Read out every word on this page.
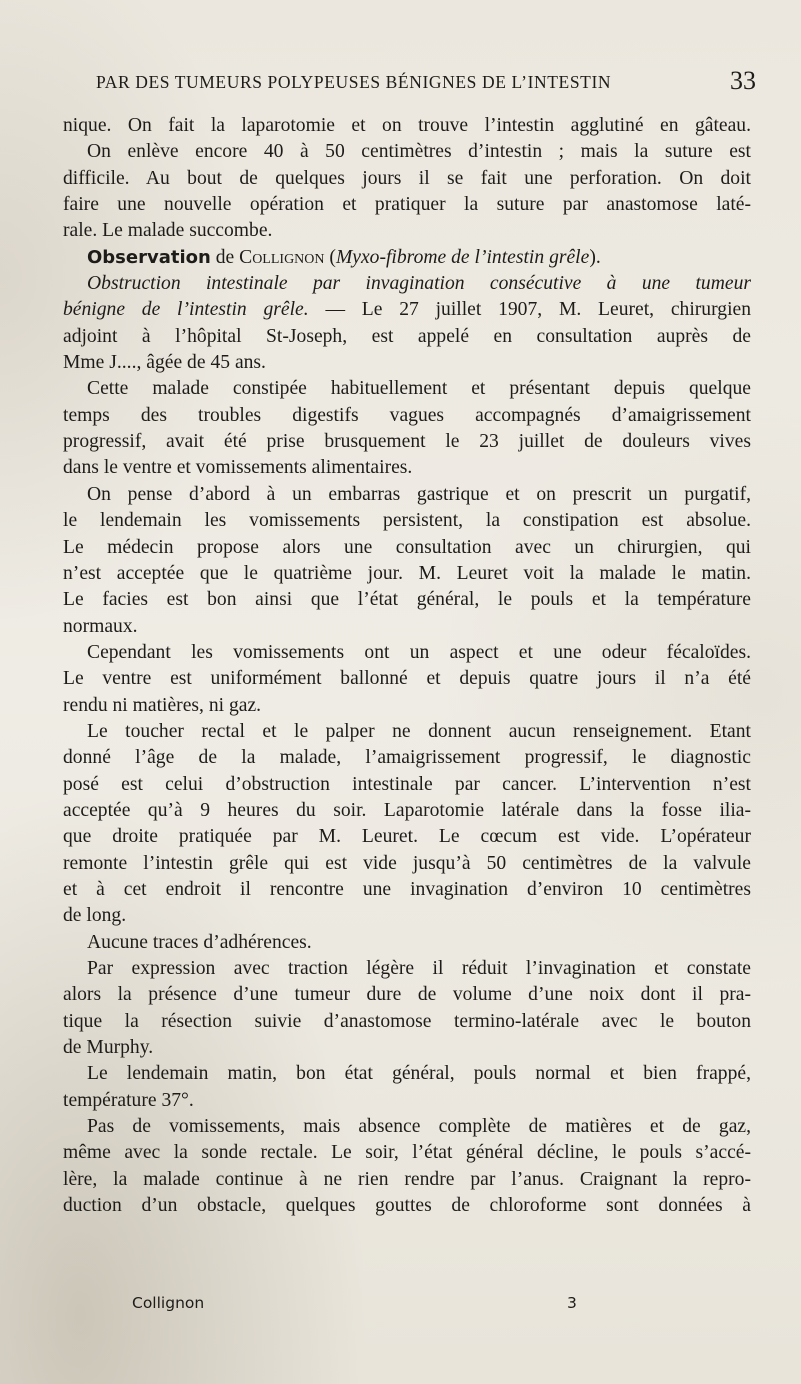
PAR DES TUMEURS POLYPEUSES BÉNIGNES DE L’INTESTIN	33
nique. On fait la laparotomie et on trouve l’intestin agglutiné en gâteau.
On enlève encore 40 à 50 centimètres d’intestin ; mais la suture est
difficile. Au bout de quelques jours il se fait une perforation. On doit
faire une nouvelle opération et pratiquer la suture par anastomose laté-
rale. Le malade succombe.
Observation de Collignon (Myxo-fibrome de l’intestin grêle).
Obstruction intestinale par invagination consécutive à une tumeur
bénigne de l’intestin grêle. — Le 27 juillet 1907, M. Leuret, chirurgien
adjoint à l’hôpital St-Joseph, est appelé en consultation auprès de
Mme J...., âgée de 45 ans.
Cette malade constipée habituellement et présentant depuis quelque
temps des troubles digestifs vagues accompagnés d’amaigrissement
progressif, avait été prise brusquement le 23 juillet de douleurs vives
dans le ventre et vomissements alimentaires.
On pense d’abord à un embarras gastrique et on prescrit un purgatif,
le lendemain les vomissements persistent, la constipation est absolue.
Le médecin propose alors une consultation avec un chirurgien, qui
n’est acceptée que le quatrième jour. M. Leuret voit la malade le matin.
Le facies est bon ainsi que l’état général, le pouls et la température
normaux.
Cependant les vomissements ont un aspect et une odeur fécaloïdes.
Le ventre est uniformément ballonné et depuis quatre jours il n’a été
rendu ni matières, ni gaz.
Le toucher rectal et le palper ne donnent aucun renseignement. Etant
donné l’âge de la malade, l’amaigrissement progressif, le diagnostic
posé est celui d’obstruction intestinale par cancer. L’intervention n’est
acceptée qu’à 9 heures du soir. Laparotomie latérale dans la fosse ilia-
que droite pratiquée par M. Leuret. Le cœcum est vide. L’opérateur
remonte l’intestin grêle qui est vide jusqu’à 50 centimètres de la valvule
et à cet endroit il rencontre une invagination d’environ 10 centimètres
de long.
Aucune traces d’adhérences.
Par expression avec traction légère il réduit l’invagination et constate
alors la présence d’une tumeur dure de volume d’une noix dont il pra-
tique la résection suivie d’anastomose termino-latérale avec le bouton
de Murphy.
Le lendemain matin, bon état général, pouls normal et bien frappé,
température 37°.
Pas de vomissements, mais absence complète de matières et de gaz,
même avec la sonde rectale. Le soir, l’état général décline, le pouls s’accé-
lère, la malade continue à ne rien rendre par l’anus. Craignant la repro-
duction d’un obstacle, quelques gouttes de chloroforme sont données à
Collignon	3
